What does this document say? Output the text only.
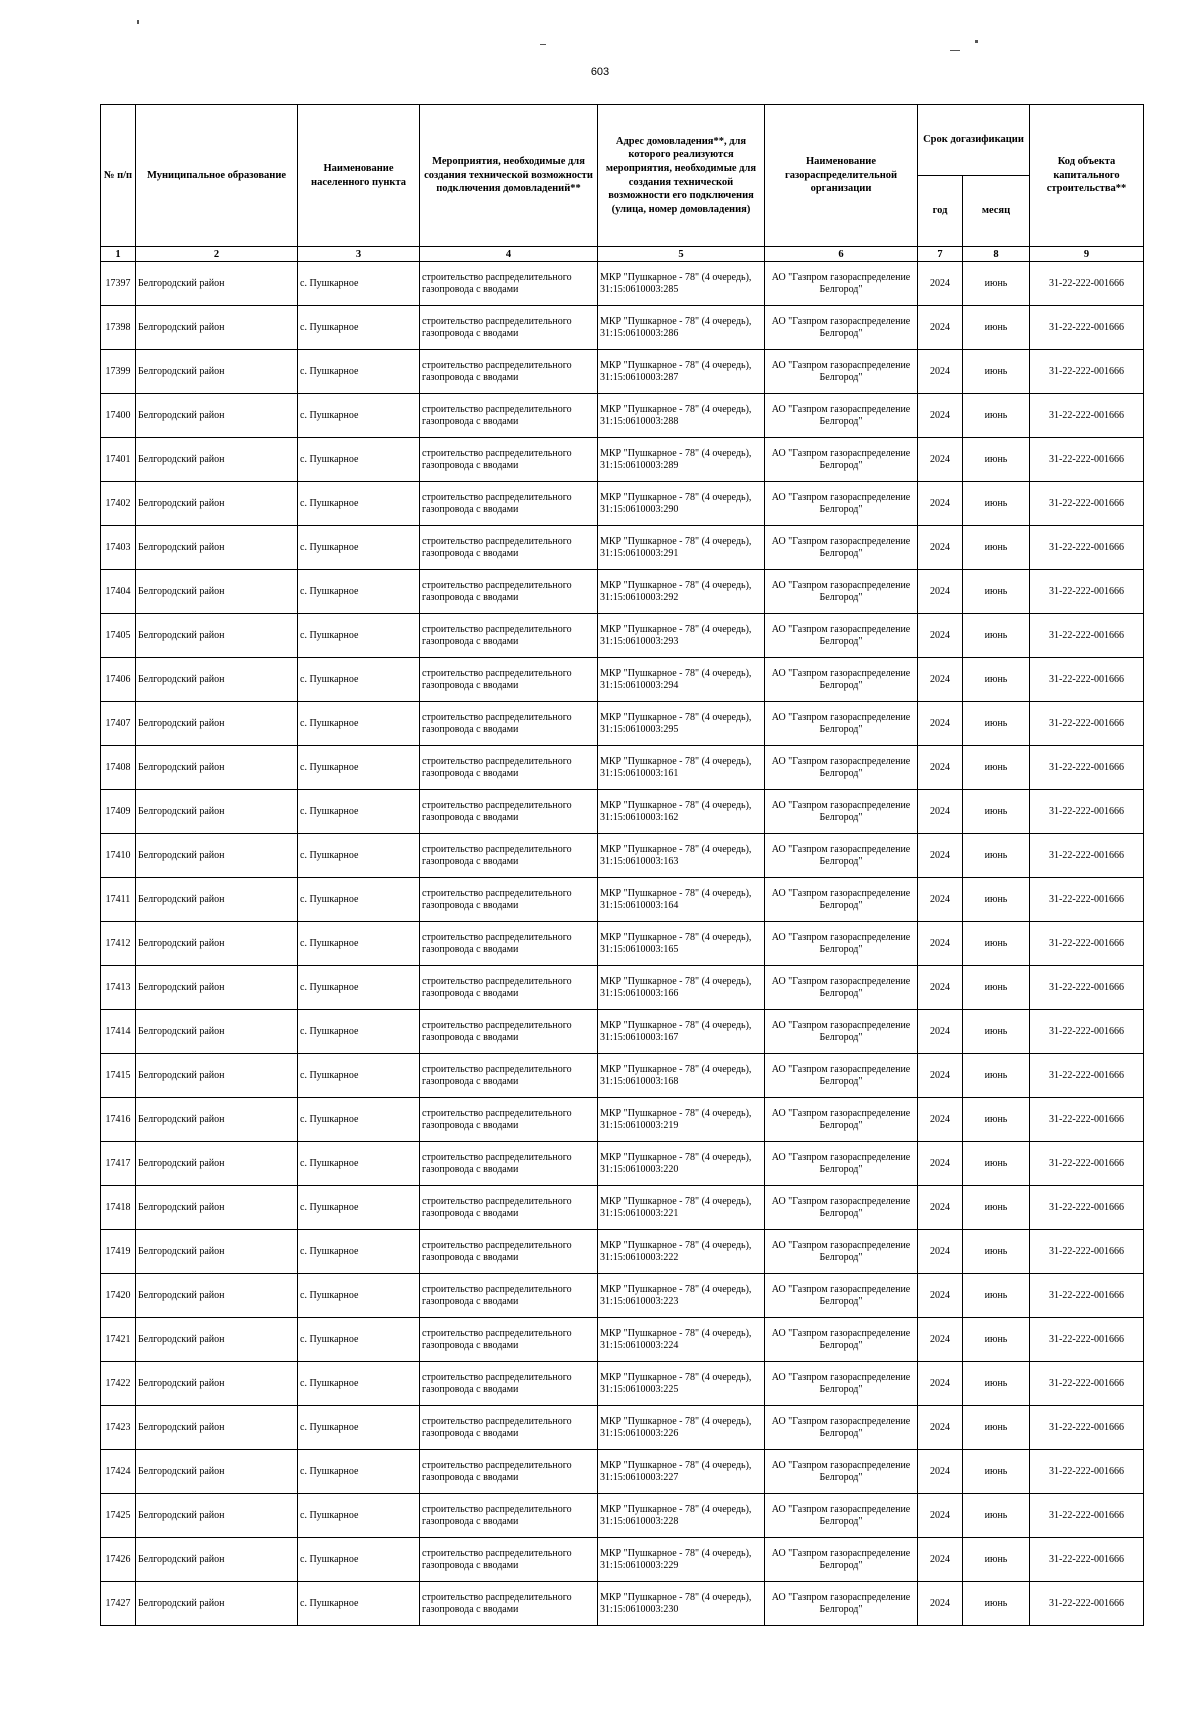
603
№ п/п	Муниципальное образование	Наименование населенного пункта	Мероприятия, необходимые для создания технической возможности подключения домовладений**	Адрес домовладения**, для которого реализуются мероприятия, необходимые для создания технической возможности его подключения (улица, номер домовладения)	Наименование газораспределительной организации	Срок догазификации		Код объекта капитального строительства**
						год	месяц	
1	2	3	4	5	6	7	8	9
17397	Белгородский район	с. Пушкарное	строительство распределительного газопровода с вводами	МКР "Пушкарное - 78" (4 очередь), 31:15:0610003:285	АО "Газпром газораспределение Белгород"	2024	июнь	31-22-222-001666
17398	Белгородский район	с. Пушкарное	строительство распределительного газопровода с вводами	МКР "Пушкарное - 78" (4 очередь), 31:15:0610003:286	АО "Газпром газораспределение Белгород"	2024	июнь	31-22-222-001666
17399	Белгородский район	с. Пушкарное	строительство распределительного газопровода с вводами	МКР "Пушкарное - 78" (4 очередь), 31:15:0610003:287	АО "Газпром газораспределение Белгород"	2024	июнь	31-22-222-001666
17400	Белгородский район	с. Пушкарное	строительство распределительного газопровода с вводами	МКР "Пушкарное - 78" (4 очередь), 31:15:0610003:288	АО "Газпром газораспределение Белгород"	2024	июнь	31-22-222-001666
17401	Белгородский район	с. Пушкарное	строительство распределительного газопровода с вводами	МКР "Пушкарное - 78" (4 очередь), 31:15:0610003:289	АО "Газпром газораспределение Белгород"	2024	июнь	31-22-222-001666
17402	Белгородский район	с. Пушкарное	строительство распределительного газопровода с вводами	МКР "Пушкарное - 78" (4 очередь), 31:15:0610003:290	АО "Газпром газораспределение Белгород"	2024	июнь	31-22-222-001666
17403	Белгородский район	с. Пушкарное	строительство распределительного газопровода с вводами	МКР "Пушкарное - 78" (4 очередь), 31:15:0610003:291	АО "Газпром газораспределение Белгород"	2024	июнь	31-22-222-001666
17404	Белгородский район	с. Пушкарное	строительство распределительного газопровода с вводами	МКР "Пушкарное - 78" (4 очередь), 31:15:0610003:292	АО "Газпром газораспределение Белгород"	2024	июнь	31-22-222-001666
17405	Белгородский район	с. Пушкарное	строительство распределительного газопровода с вводами	МКР "Пушкарное - 78" (4 очередь), 31:15:0610003:293	АО "Газпром газораспределение Белгород"	2024	июнь	31-22-222-001666
17406	Белгородский район	с. Пушкарное	строительство распределительного газопровода с вводами	МКР "Пушкарное - 78" (4 очередь), 31:15:0610003:294	АО "Газпром газораспределение Белгород"	2024	июнь	31-22-222-001666
17407	Белгородский район	с. Пушкарное	строительство распределительного газопровода с вводами	МКР "Пушкарное - 78" (4 очередь), 31:15:0610003:295	АО "Газпром газораспределение Белгород"	2024	июнь	31-22-222-001666
17408	Белгородский район	с. Пушкарное	строительство распределительного газопровода с вводами	МКР "Пушкарное - 78" (4 очередь), 31:15:0610003:161	АО "Газпром газораспределение Белгород"	2024	июнь	31-22-222-001666
17409	Белгородский район	с. Пушкарное	строительство распределительного газопровода с вводами	МКР "Пушкарное - 78" (4 очередь), 31:15:0610003:162	АО "Газпром газораспределение Белгород"	2024	июнь	31-22-222-001666
17410	Белгородский район	с. Пушкарное	строительство распределительного газопровода с вводами	МКР "Пушкарное - 78" (4 очередь), 31:15:0610003:163	АО "Газпром газораспределение Белгород"	2024	июнь	31-22-222-001666
17411	Белгородский район	с. Пушкарное	строительство распределительного газопровода с вводами	МКР "Пушкарное - 78" (4 очередь), 31:15:0610003:164	АО "Газпром газораспределение Белгород"	2024	июнь	31-22-222-001666
17412	Белгородский район	с. Пушкарное	строительство распределительного газопровода с вводами	МКР "Пушкарное - 78" (4 очередь), 31:15:0610003:165	АО "Газпром газораспределение Белгород"	2024	июнь	31-22-222-001666
17413	Белгородский район	с. Пушкарное	строительство распределительного газопровода с вводами	МКР "Пушкарное - 78" (4 очередь), 31:15:0610003:166	АО "Газпром газораспределение Белгород"	2024	июнь	31-22-222-001666
17414	Белгородский район	с. Пушкарное	строительство распределительного газопровода с вводами	МКР "Пушкарное - 78" (4 очередь), 31:15:0610003:167	АО "Газпром газораспределение Белгород"	2024	июнь	31-22-222-001666
17415	Белгородский район	с. Пушкарное	строительство распределительного газопровода с вводами	МКР "Пушкарное - 78" (4 очередь), 31:15:0610003:168	АО "Газпром газораспределение Белгород"	2024	июнь	31-22-222-001666
17416	Белгородский район	с. Пушкарное	строительство распределительного газопровода с вводами	МКР "Пушкарное - 78" (4 очередь), 31:15:0610003:219	АО "Газпром газораспределение Белгород"	2024	июнь	31-22-222-001666
17417	Белгородский район	с. Пушкарное	строительство распределительного газопровода с вводами	МКР "Пушкарное - 78" (4 очередь), 31:15:0610003:220	АО "Газпром газораспределение Белгород"	2024	июнь	31-22-222-001666
17418	Белгородский район	с. Пушкарное	строительство распределительного газопровода с вводами	МКР "Пушкарное - 78" (4 очередь), 31:15:0610003:221	АО "Газпром газораспределение Белгород"	2024	июнь	31-22-222-001666
17419	Белгородский район	с. Пушкарное	строительство распределительного газопровода с вводами	МКР "Пушкарное - 78" (4 очередь), 31:15:0610003:222	АО "Газпром газораспределение Белгород"	2024	июнь	31-22-222-001666
17420	Белгородский район	с. Пушкарное	строительство распределительного газопровода с вводами	МКР "Пушкарное - 78" (4 очередь), 31:15:0610003:223	АО "Газпром газораспределение Белгород"	2024	июнь	31-22-222-001666
17421	Белгородский район	с. Пушкарное	строительство распределительного газопровода с вводами	МКР "Пушкарное - 78" (4 очередь), 31:15:0610003:224	АО "Газпром газораспределение Белгород"	2024	июнь	31-22-222-001666
17422	Белгородский район	с. Пушкарное	строительство распределительного газопровода с вводами	МКР "Пушкарное - 78" (4 очередь), 31:15:0610003:225	АО "Газпром газораспределение Белгород"	2024	июнь	31-22-222-001666
17423	Белгородский район	с. Пушкарное	строительство распределительного газопровода с вводами	МКР "Пушкарное - 78" (4 очередь), 31:15:0610003:226	АО "Газпром газораспределение Белгород"	2024	июнь	31-22-222-001666
17424	Белгородский район	с. Пушкарное	строительство распределительного газопровода с вводами	МКР "Пушкарное - 78" (4 очередь), 31:15:0610003:227	АО "Газпром газораспределение Белгород"	2024	июнь	31-22-222-001666
17425	Белгородский район	с. Пушкарное	строительство распределительного газопровода с вводами	МКР "Пушкарное - 78" (4 очередь), 31:15:0610003:228	АО "Газпром газораспределение Белгород"	2024	июнь	31-22-222-001666
17426	Белгородский район	с. Пушкарное	строительство распределительного газопровода с вводами	МКР "Пушкарное - 78" (4 очередь), 31:15:0610003:229	АО "Газпром газораспределение Белгород"	2024	июнь	31-22-222-001666
17427	Белгородский район	с. Пушкарное	строительство распределительного газопровода с вводами	МКР "Пушкарное - 78" (4 очередь), 31:15:0610003:230	АО "Газпром газораспределение Белгород"	2024	июнь	31-22-222-001666
